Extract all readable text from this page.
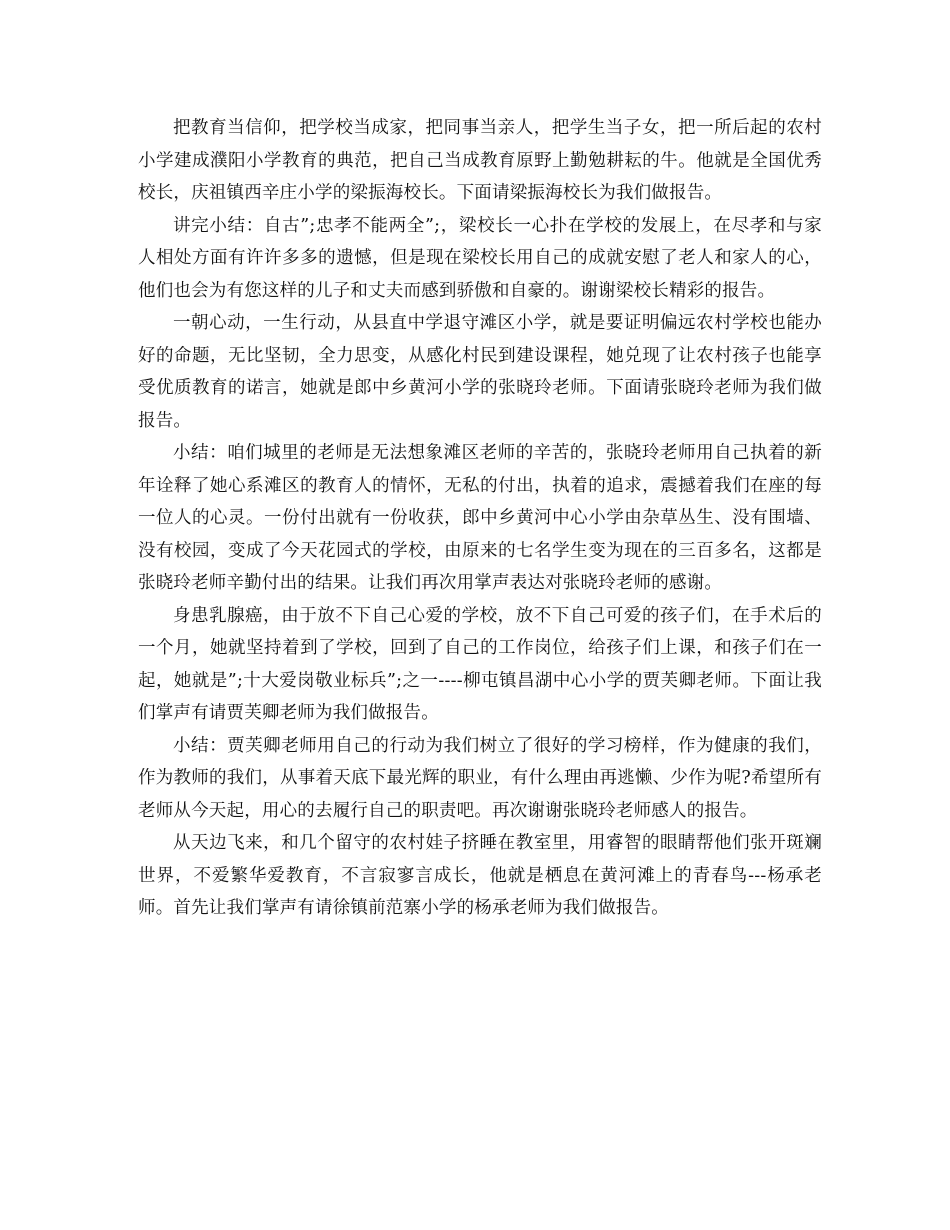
把教育当信仰，把学校当成家，把同事当亲人，把学生当子女，把一所后起的农村小学建成濮阳小学教育的典范，把自己当成教育原野上勤勉耕耘的牛。他就是全国优秀校长，庆祖镇西辛庄小学的梁振海校长。下面请梁振海校长为我们做报告。

讲完小结：自古”;忠孝不能两全”;，梁校长一心扑在学校的发展上，在尽孝和与家人相处方面有许许多多的遗憾，但是现在梁校长用自己的成就安慰了老人和家人的心，他们也会为有您这样的儿子和丈夫而感到骄傲和自豪的。谢谢梁校长精彩的报告。

一朝心动，一生行动，从县直中学退守滩区小学，就是要证明偏远农村学校也能办好的命题，无比坚韧，全力思变，从感化村民到建设课程，她兑现了让农村孩子也能享受优质教育的诺言，她就是郎中乡黄河小学的张晓玲老师。下面请张晓玲老师为我们做报告。

小结：咱们城里的老师是无法想象滩区老师的辛苦的，张晓玲老师用自己执着的新年诠释了她心系滩区的教育人的情怀，无私的付出，执着的追求，震撼着我们在座的每一位人的心灵。一份付出就有一份收获，郎中乡黄河中心小学由杂草丛生、没有围墙、没有校园，变成了今天花园式的学校，由原来的七名学生变为现在的三百多名，这都是张晓玲老师辛勤付出的结果。让我们再次用掌声表达对张晓玲老师的感谢。

身患乳腺癌，由于放不下自己心爱的学校，放不下自己可爱的孩子们，在手术后的一个月，她就坚持着到了学校，回到了自己的工作岗位，给孩子们上课，和孩子们在一起，她就是”;十大爱岗敬业标兵”;之一----柳屯镇昌湖中心小学的贾芙卿老师。下面让我们掌声有请贾芙卿老师为我们做报告。

小结：贾芙卿老师用自己的行动为我们树立了很好的学习榜样，作为健康的我们，作为教师的我们，从事着天底下最光辉的职业，有什么理由再逃懒、少作为呢?希望所有老师从今天起，用心的去履行自己的职责吧。再次谢谢张晓玲老师感人的报告。

从天边飞来，和几个留守的农村娃子挤睡在教室里，用睿智的眼睛帮他们张开斑斓世界，不爱繁华爱教育，不言寂寥言成长，他就是栖息在黄河滩上的青春鸟---杨承老师。首先让我们掌声有请徐镇前范寨小学的杨承老师为我们做报告。
